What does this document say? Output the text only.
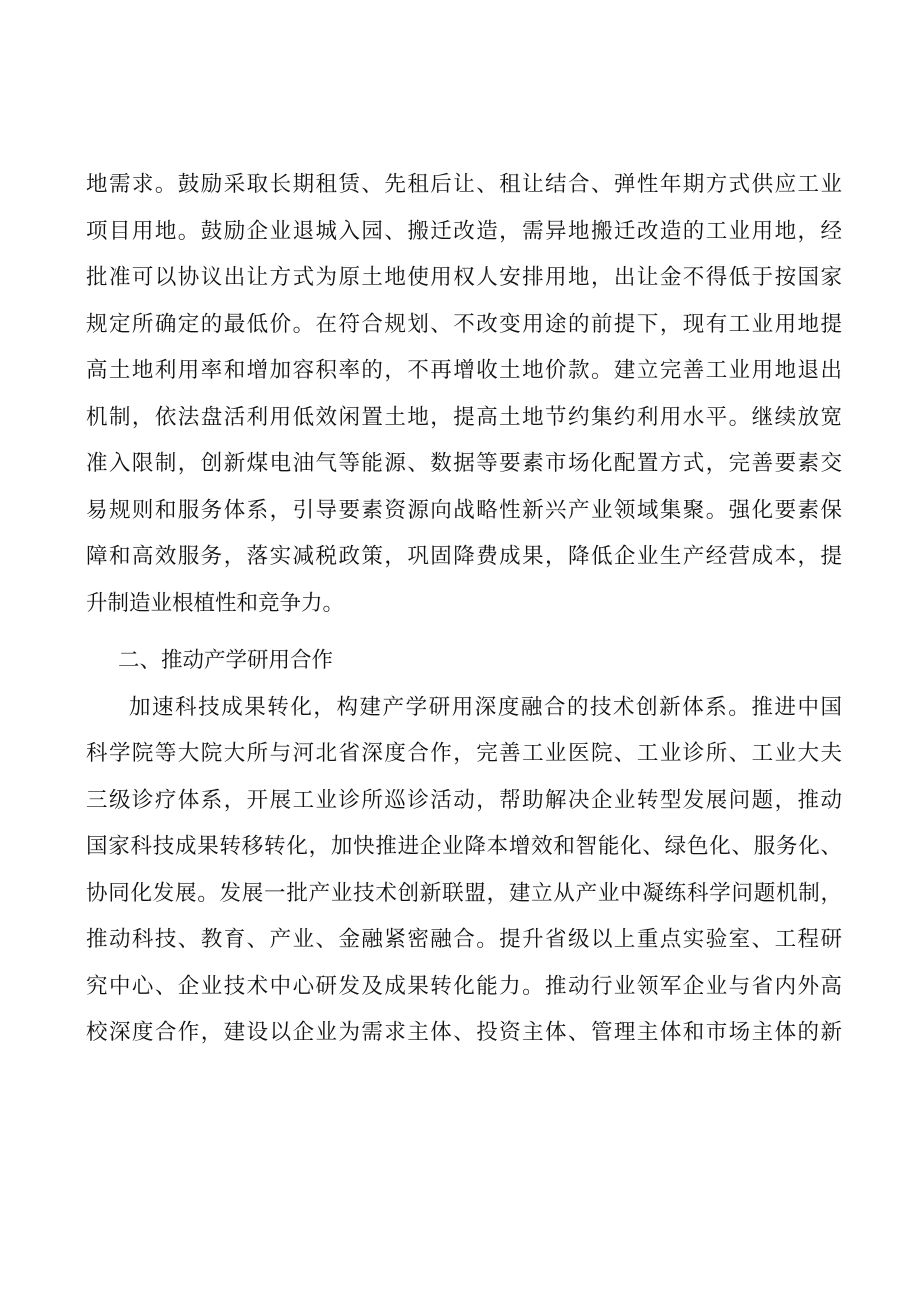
地需求。鼓励采取长期租赁、先租后让、租让结合、弹性年期方式供应工业
项目用地。鼓励企业退城入园、搬迁改造，需异地搬迁改造的工业用地，经
批准可以协议出让方式为原土地使用权人安排用地，出让金不得低于按国家
规定所确定的最低价。在符合规划、不改变用途的前提下，现有工业用地提
高土地利用率和增加容积率的，不再增收土地价款。建立完善工业用地退出
机制，依法盘活利用低效闲置土地，提高土地节约集约利用水平。继续放宽
准入限制，创新煤电油气等能源、数据等要素市场化配置方式，完善要素交
易规则和服务体系，引导要素资源向战略性新兴产业领域集聚。强化要素保
障和高效服务，落实减税政策，巩固降费成果，降低企业生产经营成本，提
升制造业根植性和竞争力。
二、推动产学研用合作
加速科技成果转化，构建产学研用深度融合的技术创新体系。推进中国
科学院等大院大所与河北省深度合作，完善工业医院、工业诊所、工业大夫
三级诊疗体系，开展工业诊所巡诊活动，帮助解决企业转型发展问题，推动
国家科技成果转移转化，加快推进企业降本增效和智能化、绿色化、服务化、
协同化发展。发展一批产业技术创新联盟，建立从产业中凝练科学问题机制，
推动科技、教育、产业、金融紧密融合。提升省级以上重点实验室、工程研
究中心、企业技术中心研发及成果转化能力。推动行业领军企业与省内外高
校深度合作，建设以企业为需求主体、投资主体、管理主体和市场主体的新
